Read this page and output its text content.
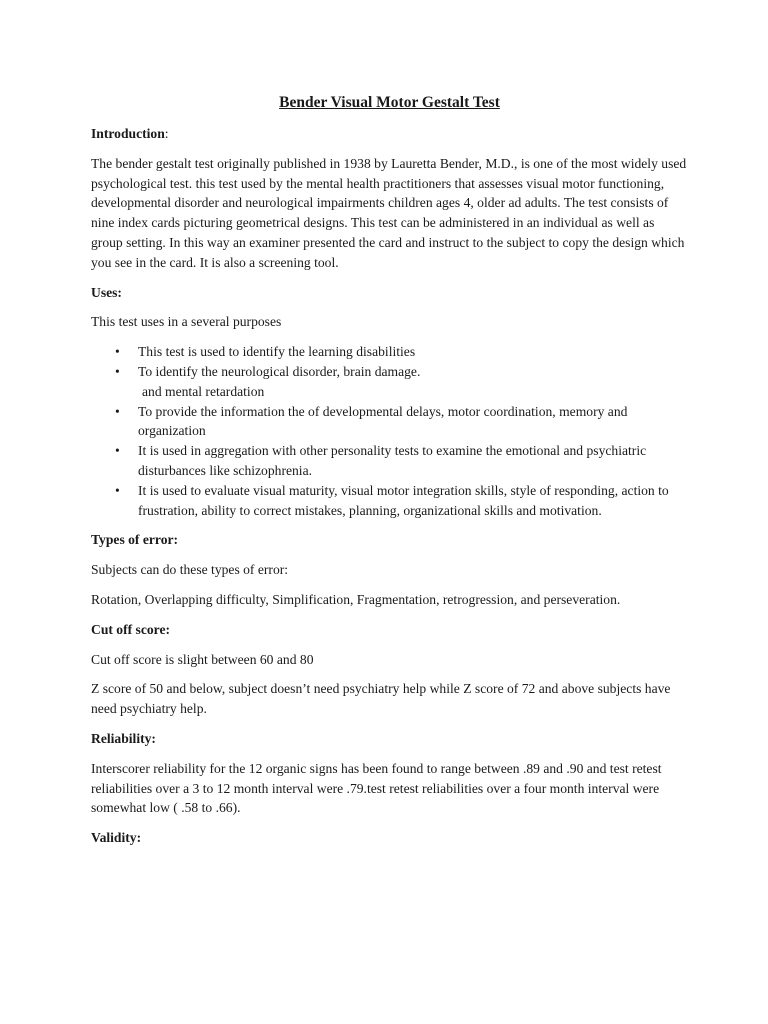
Bender Visual Motor Gestalt Test
Introduction:
The bender gestalt test originally published in 1938 by Lauretta Bender, M.D., is one of the most widely used psychological test. this test used by the mental health practitioners that assesses visual motor functioning, developmental disorder and neurological impairments children ages 4, older ad adults. The test consists of nine index cards picturing geometrical designs. This test can be administered in an individual as well as group setting. In this way an examiner presented the card and instruct to the subject to copy the design which you see in the card. It is also a screening tool.
Uses:
This test uses in a several purposes
• This test is used to identify the learning disabilities
• To identify the neurological disorder, brain damage.
and mental retardation
• To provide the information the of developmental delays, motor coordination, memory and organization
• It is used in aggregation with other personality tests to examine the emotional and psychiatric disturbances like schizophrenia.
• It is used to evaluate visual maturity, visual motor integration skills, style of responding, action to frustration, ability to correct mistakes, planning, organizational skills and motivation.
Types of error:
Subjects can do these types of error:
Rotation, Overlapping difficulty, Simplification, Fragmentation, retrogression, and perseveration.
Cut off score:
Cut off score is slight between 60 and 80
Z score of 50 and below, subject doesn’t need psychiatry help while Z score of 72 and above subjects have need psychiatry help.
Reliability:
Interscorer reliability for the 12 organic signs has been found to range between .89 and .90 and test retest reliabilities over a 3 to 12 month interval were .79.test retest reliabilities over a four month interval were somewhat low ( .58 to .66).
Validity:
